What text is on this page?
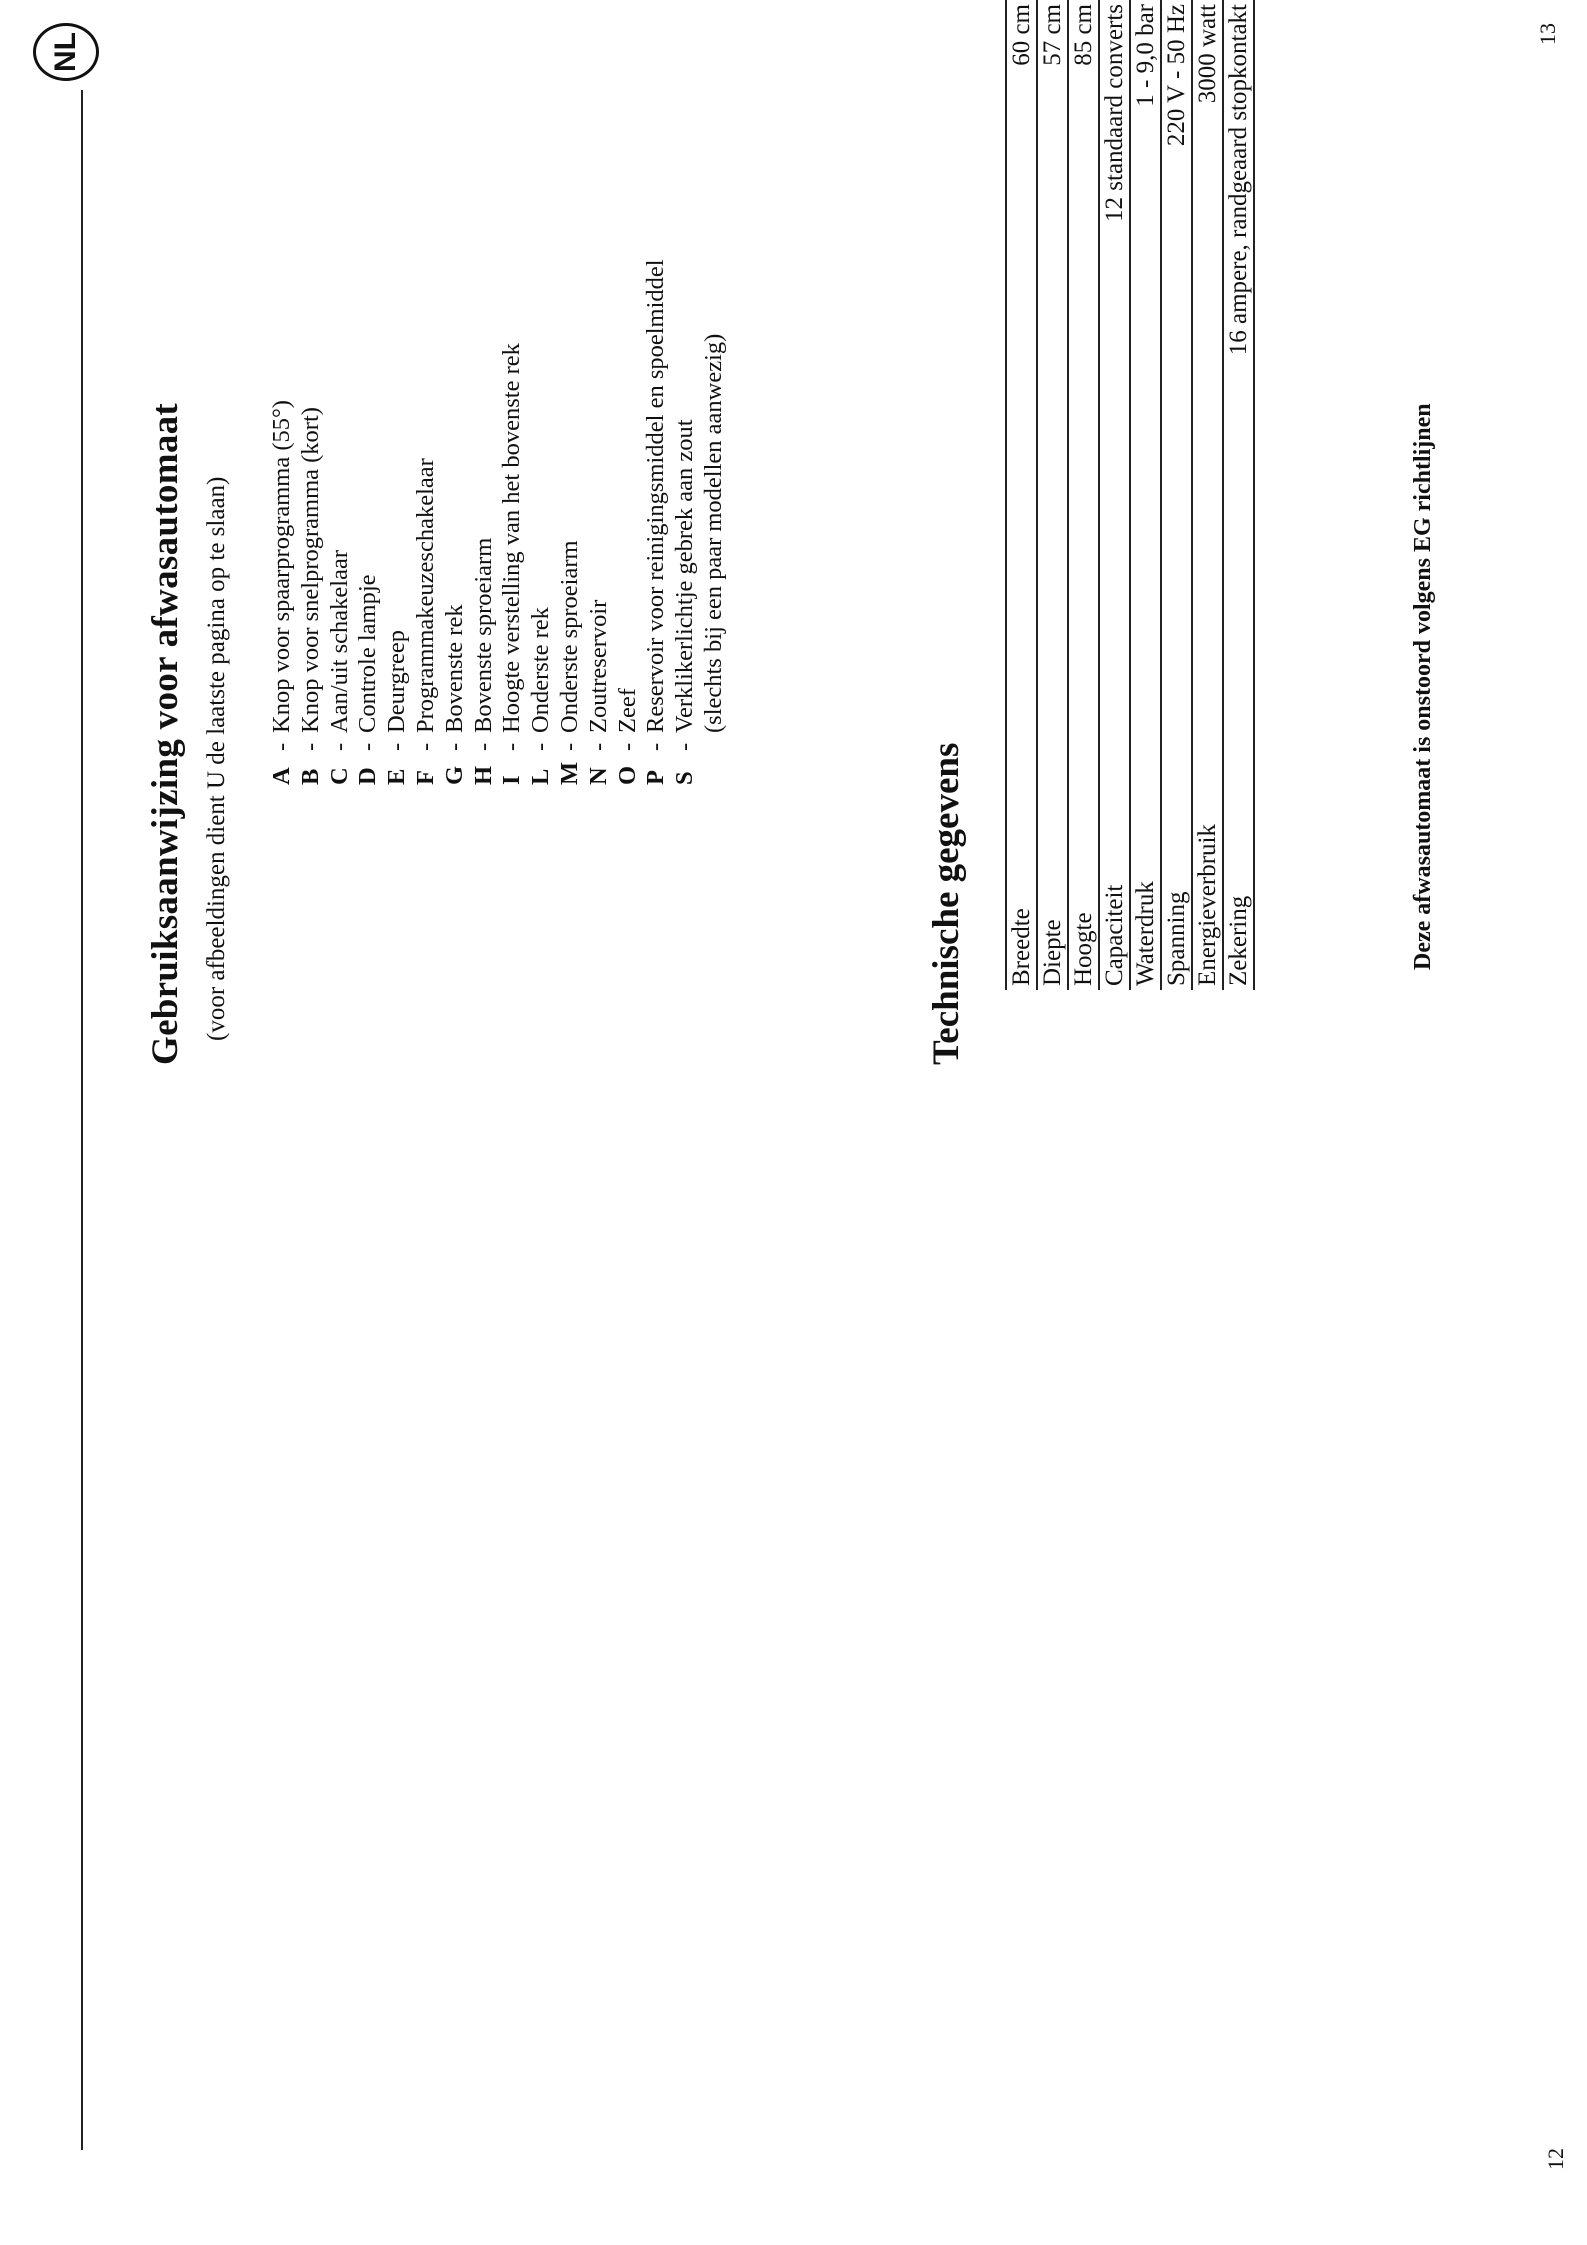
NL
12
13
Gebruiksaanwijzing voor afwasautomaat (voor afbeeldingen dient U de laatste pagina op te slaan) A-Knop voor spaarprogramma (55°)
B-Knop voor snelprogramma (kort)
C-Aan/uit schakelaar
D-Controle lampje
E-Deurgreep
F-Programmakeuzeschakelaar
G-Bovenste rek
H-Bovenste sproeiarm
I-Hoogte verstelling van het bovenste rek
L-Onderste rek
M-Onderste sproeiarm
N-Zoutreservoir
O-Zeef
P-Reservoir voor reinigingsmiddel en spoelmiddel
S-Verklikerlichtje gebrek aan zout (slechts bij een paar modellen aanwezig)
Technische gegevens Breedte	60 cm
Diepte	57 cm
Hoogte	85 cm
Capaciteit	12 standaard converts
Waterdruk	1 - 9,0 bar
Spanning	220 V - 50 Hz
Energieverbruik	3000 watt
Zekering	16 ampere, randgeaard stopkontakt
Deze afwasautomaat is onstoord volgens EG richtlijnen
